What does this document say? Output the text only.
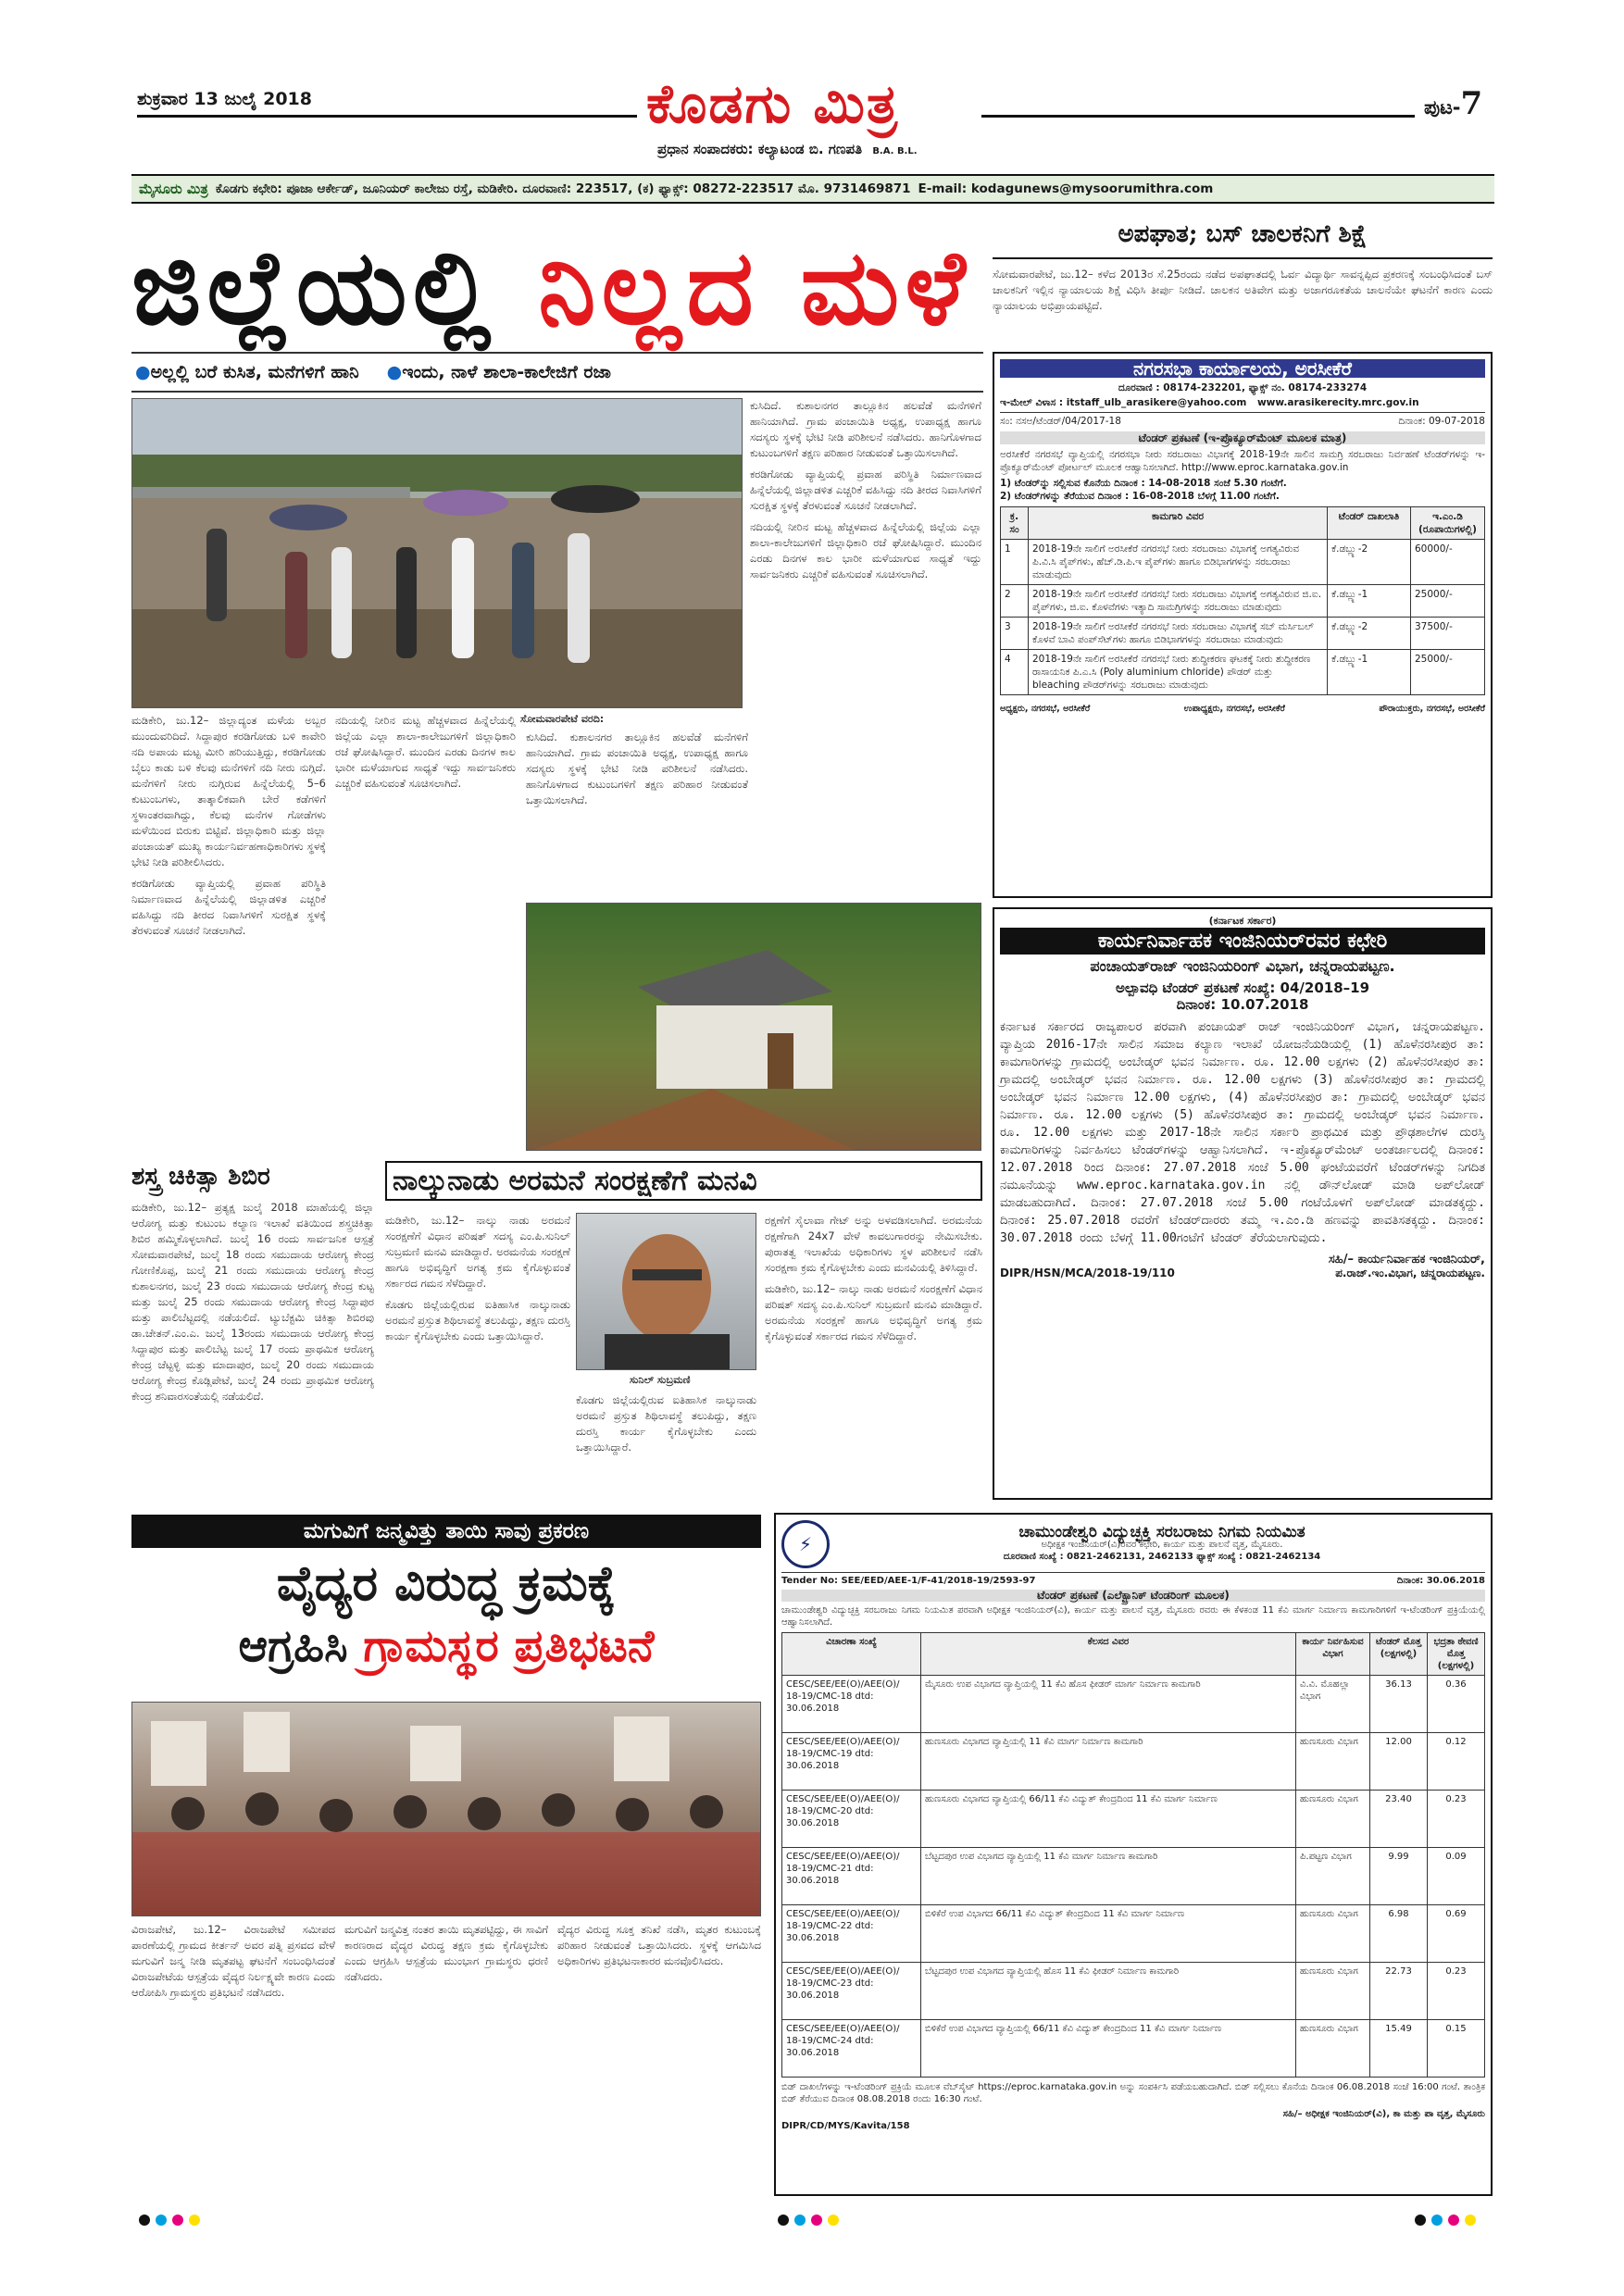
ಶುಕ್ರವಾರ 13 ಜುಲೈ 2018	ಕೊಡಗು ಮಿತ್ರ	ಪುಟ-7
ಪ್ರಧಾನ ಸಂಪಾದಕರು: ಕಲ್ಯಾಟಂಡ ಬಿ. ಗಣಪತಿ B.A. B.L.
ಮೈಸೂರು ಮಿತ್ರ ಕೊಡಗು ಕಛೇರಿ: ಪೂಜಾ ಆರ್ಕೇಡ್, ಜೂನಿಯರ್ ಕಾಲೇಜು ರಸ್ತೆ, ಮಡಿಕೇರಿ. ದೂರವಾಣಿ: 223517, (ಕ) ಫ್ಯಾಕ್ಸ್: 08272-223517 ಮೊ. 9731469871 E-mail: kodagunews@mysoorumithra.com
ಜಿಲ್ಲೆಯಲ್ಲಿ ನಿಲ್ಲದ ಮಳೆ
●ಅಲ್ಲಲ್ಲಿ ಬರೆ ಕುಸಿತ, ಮನೆಗಳಿಗೆ ಹಾನಿ ●ಇಂದು, ನಾಳೆ ಶಾಲಾ-ಕಾಲೇಜಿಗೆ ರಜಾ
ಸೋಮವಾರಪೇಟೆ ವರದಿ:

ಮಡಿಕೇರಿ, ಜು.12– ಜಿಲ್ಲಾದ್ಯಂತ ಮಳೆಯ ಅಬ್ಬರ ಮುಂದುವರಿದಿದೆ. ಸಿದ್ದಾಪುರ ಕರಡಿಗೋಡು ಬಳಿ ಕಾವೇರಿ ನದಿ ಅಪಾಯ ಮಟ್ಟ ಮೀರಿ ಹರಿಯುತ್ತಿದ್ದು, ಕರಡಿಗೋಡು ಬೈಲು ಕಾಡು ಬಳಿ ಕೆಲವು ಮನೆಗಳಿಗೆ ನದಿ ನೀರು ನುಗ್ಗಿದೆ. ಮನೆಗಳಿಗೆ ನೀರು ನುಗ್ಗಿರುವ ಹಿನ್ನೆಲೆಯಲ್ಲಿ 5–6 ಕುಟುಂಬಗಳು, ತಾತ್ಕಾಲಿಕವಾಗಿ ಬೇರೆ ಕಡೆಗಳಿಗೆ ಸ್ಥಳಾಂತರವಾಗಿದ್ದು, ಕೆಲವು ಮನೆಗಳ ಗೋಡೆಗಳು ಮಳೆಯಿಂದ ಬಿರುಕು ಬಿಟ್ಟಿವೆ. ಜಿಲ್ಲಾಧಿಕಾರಿ ಮತ್ತು ಜಿಲ್ಲಾ ಪಂಚಾಯತ್ ಮುಖ್ಯ ಕಾರ್ಯನಿರ್ವಹಣಾಧಿಕಾರಿಗಳು ಸ್ಥಳಕ್ಕೆ ಭೇಟಿ ನೀಡಿ ಪರಿಶೀಲಿಸಿದರು.

ಕರಡಿಗೋಡು ವ್ಯಾಪ್ತಿಯಲ್ಲಿ ಪ್ರವಾಹ ಪರಿಸ್ಥಿತಿ ನಿರ್ಮಾಣವಾದ ಹಿನ್ನೆಲೆಯಲ್ಲಿ ಜಿಲ್ಲಾಡಳಿತ ಎಚ್ಚರಿಕೆ ವಹಿಸಿದ್ದು ನದಿ ತೀರದ ನಿವಾಸಿಗಳಿಗೆ ಸುರಕ್ಷಿತ ಸ್ಥಳಕ್ಕೆ ತೆರಳುವಂತೆ ಸೂಚನೆ ನೀಡಲಾಗಿದೆ.

ನದಿಯಲ್ಲಿ ನೀರಿನ ಮಟ್ಟ ಹೆಚ್ಚಳವಾದ ಹಿನ್ನೆಲೆಯಲ್ಲಿ ಜಿಲ್ಲೆಯ ಎಲ್ಲಾ ಶಾಲಾ-ಕಾಲೇಜುಗಳಿಗೆ ಜಿಲ್ಲಾಧಿಕಾರಿ ರಜೆ ಘೋಷಿಸಿದ್ದಾರೆ. ಮುಂದಿನ ಎರಡು ದಿನಗಳ ಕಾಲ ಭಾರೀ ಮಳೆಯಾಗುವ ಸಾಧ್ಯತೆ ಇದ್ದು ಸಾರ್ವಜನಿಕರು ಎಚ್ಚರಿಕೆ ವಹಿಸುವಂತೆ ಸೂಚಿಸಲಾಗಿದೆ.

ಕುಸಿದಿದೆ. ಕುಶಾಲನಗರ ತಾಲ್ಲೂಕಿನ ಹಲವೆಡೆ ಮನೆಗಳಿಗೆ ಹಾನಿಯಾಗಿದೆ. ಗ್ರಾಮ ಪಂಚಾಯಿತಿ ಅಧ್ಯಕ್ಷ, ಉಪಾಧ್ಯಕ್ಷ ಹಾಗೂ ಸದಸ್ಯರು ಸ್ಥಳಕ್ಕೆ ಭೇಟಿ ನೀಡಿ ಪರಿಶೀಲನೆ ನಡೆಸಿದರು. ಹಾನಿಗೊಳಗಾದ ಕುಟುಂಬಗಳಿಗೆ ತಕ್ಷಣ ಪರಿಹಾರ ನೀಡುವಂತೆ ಒತ್ತಾಯಿಸಲಾಗಿದೆ.

ಕುಸಿದಿದೆ. ಕುಶಾಲನಗರ ತಾಲ್ಲೂಕಿನ ಹಲವೆಡೆ ಮನೆಗಳಿಗೆ ಹಾನಿಯಾಗಿದೆ. ಗ್ರಾಮ ಪಂಚಾಯಿತಿ ಅಧ್ಯಕ್ಷ, ಉಪಾಧ್ಯಕ್ಷ ಹಾಗೂ ಸದಸ್ಯರು ಸ್ಥಳಕ್ಕೆ ಭೇಟಿ ನೀಡಿ ಪರಿಶೀಲನೆ ನಡೆಸಿದರು. ಹಾನಿಗೊಳಗಾದ ಕುಟುಂಬಗಳಿಗೆ ತಕ್ಷಣ ಪರಿಹಾರ ನೀಡುವಂತೆ ಒತ್ತಾಯಿಸಲಾಗಿದೆ.

ಕರಡಿಗೋಡು ವ್ಯಾಪ್ತಿಯಲ್ಲಿ ಪ್ರವಾಹ ಪರಿಸ್ಥಿತಿ ನಿರ್ಮಾಣವಾದ ಹಿನ್ನೆಲೆಯಲ್ಲಿ ಜಿಲ್ಲಾಡಳಿತ ಎಚ್ಚರಿಕೆ ವಹಿಸಿದ್ದು ನದಿ ತೀರದ ನಿವಾಸಿಗಳಿಗೆ ಸುರಕ್ಷಿತ ಸ್ಥಳಕ್ಕೆ ತೆರಳುವಂತೆ ಸೂಚನೆ ನೀಡಲಾಗಿದೆ.

ನದಿಯಲ್ಲಿ ನೀರಿನ ಮಟ್ಟ ಹೆಚ್ಚಳವಾದ ಹಿನ್ನೆಲೆಯಲ್ಲಿ ಜಿಲ್ಲೆಯ ಎಲ್ಲಾ ಶಾಲಾ-ಕಾಲೇಜುಗಳಿಗೆ ಜಿಲ್ಲಾಧಿಕಾರಿ ರಜೆ ಘೋಷಿಸಿದ್ದಾರೆ. ಮುಂದಿನ ಎರಡು ದಿನಗಳ ಕಾಲ ಭಾರೀ ಮಳೆಯಾಗುವ ಸಾಧ್ಯತೆ ಇದ್ದು ಸಾರ್ವಜನಿಕರು ಎಚ್ಚರಿಕೆ ವಹಿಸುವಂತೆ ಸೂಚಿಸಲಾಗಿದೆ.

ಅಪಘಾತ; ಬಸ್ ಚಾಲಕನಿಗೆ ಶಿಕ್ಷೆ
ಸೋಮವಾರಪೇಟೆ, ಜು.12– ಕಳೆದ 2013ರ ಸೆ.25ರಂದು ನಡೆದ ಅಪಘಾತದಲ್ಲಿ ಓರ್ವ ವಿದ್ಯಾರ್ಥಿ ಸಾವನ್ನಪ್ಪಿದ ಪ್ರಕರಣಕ್ಕೆ ಸಂಬಂಧಿಸಿದಂತೆ ಬಸ್ ಚಾಲಕನಿಗೆ ಇಲ್ಲಿನ ನ್ಯಾಯಾಲಯ ಶಿಕ್ಷೆ ವಿಧಿಸಿ ತೀರ್ಪು ನೀಡಿದೆ. ಚಾಲಕನ ಅತಿವೇಗ ಮತ್ತು ಅಜಾಗರೂಕತೆಯ ಚಾಲನೆಯೇ ಘಟನೆಗೆ ಕಾರಣ ಎಂದು ನ್ಯಾಯಾಲಯ ಅಭಿಪ್ರಾಯಪಟ್ಟಿದೆ.
ನಗರಸಭಾ ಕಾರ್ಯಾಲಯ, ಅರಸೀಕೆರೆ
ದೂರವಾಣಿ : 08174-232201, ಫ್ಯಾಕ್ಸ್ ನಂ. 08174-233274
ಇ-ಮೇಲ್ ವಿಳಾಸ : itstaff_ulb_arasikere@yahoo.com www.arasikerecity.mrc.gov.in
ಸಂ: ನಸಅ/ಟೆಂಡರ್/04/2017-18	ದಿನಾಂಕ: 09-07-2018
ಟೆಂಡರ್ ಪ್ರಕಟಣೆ (ಇ-ಪ್ರೊಕ್ಯೂರ್‌ಮೆಂಟ್ ಮೂಲಕ ಮಾತ್ರ)
ಅರಸೀಕೆರೆ ನಗರಸಭೆ ವ್ಯಾಪ್ತಿಯಲ್ಲಿ ನಗರಸಭಾ ನೀರು ಸರಬರಾಜು ವಿಭಾಗಕ್ಕೆ 2018-19ನೇ ಸಾಲಿನ ಸಾಮಗ್ರಿ ಸರಬರಾಜು ನಿರ್ವಹಣೆ ಟೆಂಡರ್‌ಗಳನ್ನು ಇ-ಪ್ರೊಕ್ಯೂರ್‌ಮೆಂಟ್ ಪೋರ್ಟಲ್ ಮೂಲಕ ಆಹ್ವಾನಿಸಲಾಗಿದೆ. http://www.eproc.karnataka.gov.in
1) ಟೆಂಡರ್‌ನ್ನು ಸಲ್ಲಿಸುವ ಕೊನೆಯ ದಿನಾಂಕ : 14-08-2018 ಸಂಜೆ 5.30 ಗಂಟೆಗೆ.
2) ಟೆಂಡರ್‌ಗಳನ್ನು ತೆರೆಯುವ ದಿನಾಂಕ : 16-08-2018 ಬೆಳಗ್ಗೆ 11.00 ಗಂಟೆಗೆ.
ಕ್ರ. ಸಂ	ಕಾಮಗಾರಿ ವಿವರ	ಟೆಂಡರ್ ದಾಖಲಾತಿ	ಇ.ಎಂ.ಡಿ (ರೂಪಾಯಿಗಳಲ್ಲಿ)
1	2018-19ನೇ ಸಾಲಿಗೆ ಅರಸೀಕೆರೆ ನಗರಸಭೆ ನೀರು ಸರಬರಾಜು ವಿಭಾಗಕ್ಕೆ ಅಗತ್ಯವಿರುವ ಪಿ.ವಿ.ಸಿ ಪೈಪ್‌ಗಳು, ಹೆಚ್.ಡಿ.ಪಿ.ಇ ಪೈಪ್‌ಗಳು ಹಾಗೂ ಬಿಡಿಭಾಗಗಳನ್ನು ಸರಬರಾಜು ಮಾಡುವುದು	ಕೆ.ಡಬ್ಲ್ಯು-2	60000/-
2	2018-19ನೇ ಸಾಲಿಗೆ ಅರಸೀಕೆರೆ ನಗರಸಭೆ ನೀರು ಸರಬರಾಜು ವಿಭಾಗಕ್ಕೆ ಅಗತ್ಯವಿರುವ ಜಿ.ಐ. ಪೈಪ್‌ಗಳು, ಜಿ.ಐ. ಕೊಳವೆಗಳು ಇತ್ಯಾದಿ ಸಾಮಗ್ರಿಗಳನ್ನು ಸರಬರಾಜು ಮಾಡುವುದು	ಕೆ.ಡಬ್ಲ್ಯು-1	25000/-
3	2018-19ನೇ ಸಾಲಿಗೆ ಅರಸೀಕೆರೆ ನಗರಸಭೆ ನೀರು ಸರಬರಾಜು ವಿಭಾಗಕ್ಕೆ ಸಬ್ ಮರ್ಸಿಬಲ್ ಕೊಳವೆ ಬಾವಿ ಪಂಪ್‌ಸೆಟ್‌ಗಳು ಹಾಗೂ ಬಿಡಿಭಾಗಗಳನ್ನು ಸರಬರಾಜು ಮಾಡುವುದು	ಕೆ.ಡಬ್ಲ್ಯು-2	37500/-
4	2018-19ನೇ ಸಾಲಿಗೆ ಅರಸೀಕೆರೆ ನಗರಸಭೆ ನೀರು ಶುದ್ಧೀಕರಣ ಘಟಕಕ್ಕೆ ನೀರು ಶುದ್ಧೀಕರಣ ರಾಸಾಯನಿಕ ಪಿ.ಎ.ಸಿ (Poly aluminium chloride) ಪೌಡರ್ ಮತ್ತು bleaching ಪೌಡರ್‌ಗಳನ್ನು ಸರಬರಾಜು ಮಾಡುವುದು	ಕೆ.ಡಬ್ಲ್ಯು-1	25000/-
ಅಧ್ಯಕ್ಷರು, ನಗರಸಭೆ, ಅರಸೀಕೆರೆ	ಉಪಾಧ್ಯಕ್ಷರು, ನಗರಸಭೆ, ಅರಸೀಕೆರೆ	ಪೌರಾಯುಕ್ತರು, ನಗರಸಭೆ, ಅರಸೀಕೆರೆ
(ಕರ್ನಾಟಕ ಸರ್ಕಾರ)
ಕಾರ್ಯನಿರ್ವಾಹಕ ಇಂಜಿನಿಯರ್‌ರವರ ಕಛೇರಿ
ಪಂಚಾಯತ್‌ರಾಜ್ ಇಂಜಿನಿಯರಿಂಗ್ ವಿಭಾಗ, ಚನ್ನರಾಯಪಟ್ಟಣ.
ಅಲ್ಪಾವಧಿ ಟೆಂಡರ್ ಪ್ರಕಟಣೆ ಸಂಖ್ಯೆ: 04/2018–19
ದಿನಾಂಕ: 10.07.2018
ಕರ್ನಾಟಕ ಸರ್ಕಾರದ ರಾಜ್ಯಪಾಲರ ಪರವಾಗಿ ಪಂಚಾಯತ್ ರಾಜ್ ಇಂಜಿನಿಯರಿಂಗ್ ವಿಭಾಗ, ಚನ್ನರಾಯಪಟ್ಟಣ. ವ್ಯಾಪ್ತಿಯ 2016-17ನೇ ಸಾಲಿನ ಸಮಾಜ ಕಲ್ಯಾಣ ಇಲಾಖೆ ಯೋಜನೆಯಡಿಯಲ್ಲಿ (1) ಹೊಳೆನರಸೀಪುರ ತಾ: ಕಾಮಗಾರಿಗಳನ್ನು ಗ್ರಾಮದಲ್ಲಿ ಅಂಬೇಡ್ಕರ್ ಭವನ ನಿರ್ಮಾಣ. ರೂ. 12.00 ಲಕ್ಷಗಳು (2) ಹೊಳೆನರಸೀಪುರ ತಾ: ಗ್ರಾಮದಲ್ಲಿ ಅಂಬೇಡ್ಕರ್ ಭವನ ನಿರ್ಮಾಣ. ರೂ. 12.00 ಲಕ್ಷಗಳು (3) ಹೊಳೆನರಸೀಪುರ ತಾ: ಗ್ರಾಮದಲ್ಲಿ ಅಂಬೇಡ್ಕರ್ ಭವನ ನಿರ್ಮಾಣ 12.00 ಲಕ್ಷಗಳು, (4) ಹೊಳೆನರಸೀಪುರ ತಾ: ಗ್ರಾಮದಲ್ಲಿ ಅಂಬೇಡ್ಕರ್ ಭವನ ನಿರ್ಮಾಣ. ರೂ. 12.00 ಲಕ್ಷಗಳು (5) ಹೊಳೆನರಸೀಪುರ ತಾ: ಗ್ರಾಮದಲ್ಲಿ ಅಂಬೇಡ್ಕರ್ ಭವನ ನಿರ್ಮಾಣ. ರೂ. 12.00 ಲಕ್ಷಗಳು ಮತ್ತು 2017-18ನೇ ಸಾಲಿನ ಸರ್ಕಾರಿ ಪ್ರಾಥಮಿಕ ಮತ್ತು ಪ್ರೌಢಶಾಲೆಗಳ ದುರಸ್ತಿ ಕಾಮಗಾರಿಗಳನ್ನು ನಿರ್ವಹಿಸಲು ಟೆಂಡರ್‌ಗಳನ್ನು ಆಹ್ವಾನಿಸಲಾಗಿದೆ. ಇ-ಪ್ರೊಕ್ಯೂರ್‌ಮೆಂಟ್ ಅಂತರ್ಜಾಲದಲ್ಲಿ ದಿನಾಂಕ: 12.07.2018 ರಿಂದ ದಿನಾಂಕ: 27.07.2018 ಸಂಜೆ 5.00 ಘಂಟೆಯವರೆಗೆ ಟೆಂಡರ್‌ಗಳನ್ನು ನಿಗದಿತ ನಮೂನೆಯನ್ನು www.eproc.karnataka.gov.in ನಲ್ಲಿ ಡೌನ್‌ಲೋಡ್ ಮಾಡಿ ಅಪ್‌ಲೋಡ್ ಮಾಡಬಹುದಾಗಿದೆ. ದಿನಾಂಕ: 27.07.2018 ಸಂಜೆ 5.00 ಗಂಟೆಯೊಳಗೆ ಅಪ್‌ಲೋಡ್ ಮಾಡತಕ್ಕದ್ದು. ದಿನಾಂಕ: 25.07.2018 ರವರೆಗೆ ಟೆಂಡರ್‌ದಾರರು ತಮ್ಮ ಇ.ಎಂ.ಡಿ ಹಣವನ್ನು ಪಾವತಿಸತಕ್ಕದ್ದು. ದಿನಾಂಕ: 30.07.2018 ರಂದು ಬೆಳಗ್ಗೆ 11.00ಗಂಟೆಗೆ ಟೆಂಡರ್ ತೆರೆಯಲಾಗುವುದು.
ಸಹಿ/– ಕಾರ್ಯನಿರ್ವಾಹಕ ಇಂಜಿನಿಯರ್,
DIPR/HSN/MCA/2018-19/110	ಪ.ರಾಜ್.ಇಂ.ವಿಭಾಗ, ಚನ್ನರಾಯಪಟ್ಟಣ.
ಶಸ್ತ್ರ ಚಿಕಿತ್ಸಾ ಶಿಬಿರ
ಮಡಿಕೇರಿ, ಜು.12– ಪ್ರತ್ಯಕ್ಷ ಜುಲೈ 2018 ಮಾಹೆಯಲ್ಲಿ ಜಿಲ್ಲಾ ಆರೋಗ್ಯ ಮತ್ತು ಕುಟುಂಬ ಕಲ್ಯಾಣ ಇಲಾಖೆ ವತಿಯಿಂದ ಶಸ್ತ್ರಚಿಕಿತ್ಸಾ ಶಿಬಿರ ಹಮ್ಮಿಕೊಳ್ಳಲಾಗಿದೆ. ಜುಲೈ 16 ರಂದು ಸಾರ್ವಜನಿಕ ಆಸ್ಪತ್ರೆ ಸೋಮವಾರಪೇಟೆ, ಜುಲೈ 18 ರಂದು ಸಮುದಾಯ ಆರೋಗ್ಯ ಕೇಂದ್ರ ಗೋಣಿಕೊಪ್ಪ, ಜುಲೈ 21 ರಂದು ಸಮುದಾಯ ಆರೋಗ್ಯ ಕೇಂದ್ರ ಕುಶಾಲನಗರ, ಜುಲೈ 23 ರಂದು ಸಮುದಾಯ ಆರೋಗ್ಯ ಕೇಂದ್ರ ಕುಟ್ಟ ಮತ್ತು ಜುಲೈ 25 ರಂದು ಸಮುದಾಯ ಆರೋಗ್ಯ ಕೇಂದ್ರ ಸಿದ್ದಾಪುರ ಮತ್ತು ಪಾಲಿಬೆಟ್ಟದಲ್ಲಿ ನಡೆಯಲಿದೆ. ಟ್ಯುಬೆಕ್ಟಮಿ ಚಿಕಿತ್ಸಾ ಶಿಬಿರವು ಡಾ.ಚೇತನ್.ಎಂ.ಎ. ಜುಲೈ 13ರಂದು ಸಮುದಾಯ ಆರೋಗ್ಯ ಕೇಂದ್ರ ಸಿದ್ದಾಪುರ ಮತ್ತು ಪಾಲಿಬೆಟ್ಟ ಜುಲೈ 17 ರಂದು ಪ್ರಾಥಮಿಕ ಆರೋಗ್ಯ ಕೇಂದ್ರ ಚೆಟ್ಟಳ್ಳಿ ಮತ್ತು ಮಾದಾಪುರ, ಜುಲೈ 20 ರಂದು ಸಮುದಾಯ ಆರೋಗ್ಯ ಕೇಂದ್ರ ಕೊಡ್ಲಿಪೇಟೆ, ಜುಲೈ 24 ರಂದು ಪ್ರಾಥಮಿಕ ಆರೋಗ್ಯ ಕೇಂದ್ರ ಶನಿವಾರಸಂತೆಯಲ್ಲಿ ನಡೆಯಲಿದೆ.
ನಾಲ್ಕುನಾಡು ಅರಮನೆ ಸಂರಕ್ಷಣೆಗೆ ಮನವಿ

ಮಡಿಕೇರಿ, ಜು.12– ನಾಲ್ಕು ನಾಡು ಅರಮನೆ ಸಂರಕ್ಷಣೆಗೆ ವಿಧಾನ ಪರಿಷತ್ ಸದಸ್ಯ ಎಂ.ಪಿ.ಸುನಿಲ್ ಸುಬ್ರಮಣಿ ಮನವಿ ಮಾಡಿದ್ದಾರೆ. ಅರಮನೆಯ ಸಂರಕ್ಷಣೆ ಹಾಗೂ ಅಭಿವೃದ್ಧಿಗೆ ಅಗತ್ಯ ಕ್ರಮ ಕೈಗೊಳ್ಳುವಂತೆ ಸರ್ಕಾರದ ಗಮನ ಸೆಳೆದಿದ್ದಾರೆ.

ಕೊಡಗು ಜಿಲ್ಲೆಯಲ್ಲಿರುವ ಐತಿಹಾಸಿಕ ನಾಲ್ಕುನಾಡು ಅರಮನೆ ಪ್ರಸ್ತುತ ಶಿಥಿಲಾವಸ್ಥೆ ತಲುಪಿದ್ದು, ತಕ್ಷಣ ದುರಸ್ತಿ ಕಾರ್ಯ ಕೈಗೊಳ್ಳಬೇಕು ಎಂದು ಒತ್ತಾಯಿಸಿದ್ದಾರೆ.

ಸುನಿಲ್ ಸುಬ್ರಮಣಿ

ಕೊಡಗು ಜಿಲ್ಲೆಯಲ್ಲಿರುವ ಐತಿಹಾಸಿಕ ನಾಲ್ಕುನಾಡು ಅರಮನೆ ಪ್ರಸ್ತುತ ಶಿಥಿಲಾವಸ್ಥೆ ತಲುಪಿದ್ದು, ತಕ್ಷಣ ದುರಸ್ತಿ ಕಾರ್ಯ ಕೈಗೊಳ್ಳಬೇಕು ಎಂದು ಒತ್ತಾಯಿಸಿದ್ದಾರೆ.

ರಕ್ಷಣೆಗೆ ಸೈಲಾವಾ ಗೇಟ್ ಅನ್ನು ಅಳವಡಿಸಲಾಗಿದೆ. ಅರಮನೆಯ ರಕ್ಷಣೆಗಾಗಿ 24x7 ವೇಳೆ ಕಾವಲುಗಾರರನ್ನು ನೇಮಿಸಬೇಕು. ಪುರಾತತ್ವ ಇಲಾಖೆಯ ಅಧಿಕಾರಿಗಳು ಸ್ಥಳ ಪರಿಶೀಲನೆ ನಡೆಸಿ ಸಂರಕ್ಷಣಾ ಕ್ರಮ ಕೈಗೊಳ್ಳಬೇಕು ಎಂದು ಮನವಿಯಲ್ಲಿ ತಿಳಿಸಿದ್ದಾರೆ.

ಮಡಿಕೇರಿ, ಜು.12– ನಾಲ್ಕು ನಾಡು ಅರಮನೆ ಸಂರಕ್ಷಣೆಗೆ ವಿಧಾನ ಪರಿಷತ್ ಸದಸ್ಯ ಎಂ.ಪಿ.ಸುನಿಲ್ ಸುಬ್ರಮಣಿ ಮನವಿ ಮಾಡಿದ್ದಾರೆ. ಅರಮನೆಯ ಸಂರಕ್ಷಣೆ ಹಾಗೂ ಅಭಿವೃದ್ಧಿಗೆ ಅಗತ್ಯ ಕ್ರಮ ಕೈಗೊಳ್ಳುವಂತೆ ಸರ್ಕಾರದ ಗಮನ ಸೆಳೆದಿದ್ದಾರೆ.

ಮಗುವಿಗೆ ಜನ್ಮವಿತ್ತು ತಾಯಿ ಸಾವು ಪ್ರಕರಣ
ವೈದ್ಯರ ವಿರುದ್ಧ ಕ್ರಮಕ್ಕೆ
ಆಗ್ರಹಿಸಿ ಗ್ರಾಮಸ್ಥರ ಪ್ರತಿಭಟನೆ
ವಿರಾಜಪೇಟೆ, ಜು.12– ವಿರಾಜಪೇಟೆ ಸಮೀಪದ ಪಾರಣೆಯಲ್ಲಿ ಗ್ರಾಮದ ಕೀರ್ತನ್ ಅವರ ಪತ್ನಿ ಪ್ರಸವದ ವೇಳೆ ಮಗುವಿಗೆ ಜನ್ಮ ನೀಡಿ ಮೃತಪಟ್ಟ ಘಟನೆಗೆ ಸಂಬಂಧಿಸಿದಂತೆ ವಿರಾಜಪೇಟೆಯ ಆಸ್ಪತ್ರೆಯ ವೈದ್ಯರ ನಿರ್ಲಕ್ಷ್ಯವೇ ಕಾರಣ ಎಂದು ಆರೋಪಿಸಿ ಗ್ರಾಮಸ್ಥರು ಪ್ರತಿಭಟನೆ ನಡೆಸಿದರು.
ಮಗುವಿಗೆ ಜನ್ಮವಿತ್ತ ನಂತರ ತಾಯಿ ಮೃತಪಟ್ಟಿದ್ದು, ಈ ಸಾವಿಗೆ ಕಾರಣರಾದ ವೈದ್ಯರ ವಿರುದ್ಧ ತಕ್ಷಣ ಕ್ರಮ ಕೈಗೊಳ್ಳಬೇಕು ಎಂದು ಆಗ್ರಹಿಸಿ ಆಸ್ಪತ್ರೆಯ ಮುಂಭಾಗ ಗ್ರಾಮಸ್ಥರು ಧರಣಿ ನಡೆಸಿದರು.
ವೈದ್ಯರ ವಿರುದ್ಧ ಸೂಕ್ತ ತನಿಖೆ ನಡೆಸಿ, ಮೃತರ ಕುಟುಂಬಕ್ಕೆ ಪರಿಹಾರ ನೀಡುವಂತೆ ಒತ್ತಾಯಿಸಿದರು. ಸ್ಥಳಕ್ಕೆ ಆಗಮಿಸಿದ ಅಧಿಕಾರಿಗಳು ಪ್ರತಿಭಟನಾಕಾರರ ಮನವೊಲಿಸಿದರು.
⚡
ಚಾಮುಂಡೇಶ್ವರಿ ವಿದ್ಯುಚ್ಛಕ್ತಿ ಸರಬರಾಜು ನಿಗಮ ನಿಯಮಿತ
ಅಧೀಕ್ಷಕ ಇಂಜಿನಿಯರ್(ವಿ)ರವರ ಕಛೇರಿ, ಕಾರ್ಯ ಮತ್ತು ಪಾಲನೆ ವೃತ್ತ, ಮೈಸೂರು.
ದೂರವಾಣಿ ಸಂಖ್ಯೆ : 0821-2462131, 2462133 ಫ್ಯಾಕ್ಸ್ ಸಂಖ್ಯೆ : 0821-2462134
Tender No: SEE/EED/AEE-1/F-41/2018-19/2593-97	ದಿನಾಂಕ: 30.06.2018
ಟೆಂಡರ್ ಪ್ರಕಟಣೆ (ಎಲೆಕ್ಟ್ರಾನಿಕ್ ಟೆಂಡರಿಂಗ್ ಮೂಲಕ)
ಚಾಮುಂಡೇಶ್ವರಿ ವಿದ್ಯುಚ್ಛಕ್ತಿ ಸರಬರಾಜು ನಿಗಮ ನಿಯಮಿತ ಪರವಾಗಿ ಅಧೀಕ್ಷಕ ಇಂಜಿನಿಯರ್(ವಿ), ಕಾರ್ಯ ಮತ್ತು ಪಾಲನೆ ವೃತ್ತ, ಮೈಸೂರು ರವರು ಈ ಕೆಳಕಂಡ 11 ಕೆವಿ ಮಾರ್ಗ ನಿರ್ಮಾಣ ಕಾಮಗಾರಿಗಳಿಗೆ ಇ-ಟೆಂಡರಿಂಗ್ ಪ್ರಕ್ರಿಯೆಯಲ್ಲಿ ಆಹ್ವಾನಿಸಲಾಗಿದೆ.
ವಿಚಾರಣಾ ಸಂಖ್ಯೆ	ಕೆಲಸದ ವಿವರ	ಕಾರ್ಯ ನಿರ್ವಹಿಸುವ ವಿಭಾಗ	ಟೆಂಡರ್ ಮೊತ್ತ (ಲಕ್ಷಗಳಲ್ಲಿ)	ಭದ್ರತಾ ಠೇವಣಿ ಮೊತ್ತ (ಲಕ್ಷಗಳಲ್ಲಿ)
CESC/SEE/EE(O)/AEE(O)/ 18-19/CMC-18 dtd: 30.06.2018	ಮೈಸೂರು ಉಪ ವಿಭಾಗದ ವ್ಯಾಪ್ತಿಯಲ್ಲಿ 11 ಕೆವಿ ಹೊಸ ಫೀಡರ್ ಮಾರ್ಗ ನಿರ್ಮಾಣ ಕಾಮಗಾರಿ	ವಿ.ವಿ. ಮೊಹಲ್ಲಾ ವಿಭಾಗ	36.13	0.36
CESC/SEE/EE(O)/AEE(O)/ 18-19/CMC-19 dtd: 30.06.2018	ಹುಣಸೂರು ವಿಭಾಗದ ವ್ಯಾಪ್ತಿಯಲ್ಲಿ 11 ಕೆವಿ ಮಾರ್ಗ ನಿರ್ಮಾಣ ಕಾಮಗಾರಿ	ಹುಣಸೂರು ವಿಭಾಗ	12.00	0.12
CESC/SEE/EE(O)/AEE(O)/ 18-19/CMC-20 dtd: 30.06.2018	ಹುಣಸೂರು ವಿಭಾಗದ ವ್ಯಾಪ್ತಿಯಲ್ಲಿ 66/11 ಕೆವಿ ವಿದ್ಯುತ್ ಕೇಂದ್ರದಿಂದ 11 ಕೆವಿ ಮಾರ್ಗ ನಿರ್ಮಾಣ	ಹುಣಸೂರು ವಿಭಾಗ	23.40	0.23
CESC/SEE/EE(O)/AEE(O)/ 18-19/CMC-21 dtd: 30.06.2018	ಬೆಟ್ಟದಪುರ ಉಪ ವಿಭಾಗದ ವ್ಯಾಪ್ತಿಯಲ್ಲಿ 11 ಕೆವಿ ಮಾರ್ಗ ನಿರ್ಮಾಣ ಕಾಮಗಾರಿ	ಪಿ.ಪಟ್ಟಣ ವಿಭಾಗ	9.99	0.09
CESC/SEE/EE(O)/AEE(O)/ 18-19/CMC-22 dtd: 30.06.2018	ಬಿಳಿಕೆರೆ ಉಪ ವಿಭಾಗದ 66/11 ಕೆವಿ ವಿದ್ಯುತ್ ಕೇಂದ್ರದಿಂದ 11 ಕೆವಿ ಮಾರ್ಗ ನಿರ್ಮಾಣ	ಹುಣಸೂರು ವಿಭಾಗ	6.98	0.69
CESC/SEE/EE(O)/AEE(O)/ 18-19/CMC-23 dtd: 30.06.2018	ಬೆಟ್ಟದಪುರ ಉಪ ವಿಭಾಗದ ವ್ಯಾಪ್ತಿಯಲ್ಲಿ ಹೊಸ 11 ಕೆವಿ ಫೀಡರ್ ನಿರ್ಮಾಣ ಕಾಮಗಾರಿ	ಹುಣಸೂರು ವಿಭಾಗ	22.73	0.23
CESC/SEE/EE(O)/AEE(O)/ 18-19/CMC-24 dtd: 30.06.2018	ಬಿಳಿಕೆರೆ ಉಪ ವಿಭಾಗದ ವ್ಯಾಪ್ತಿಯಲ್ಲಿ 66/11 ಕೆವಿ ವಿದ್ಯುತ್ ಕೇಂದ್ರದಿಂದ 11 ಕೆವಿ ಮಾರ್ಗ ನಿರ್ಮಾಣ	ಹುಣಸೂರು ವಿಭಾಗ	15.49	0.15
ಬಿಡ್ ದಾಖಲೆಗಳನ್ನು ಇ-ಟೆಂಡರಿಂಗ್ ಪ್ರಕ್ರಿಯೆ ಮೂಲಕ ವೆಬ್‌ಸೈಟ್ https://eproc.karnataka.gov.in ಅನ್ನು ಸಂಪರ್ಕಿಸಿ ಪಡೆಯಬಹುದಾಗಿದೆ. ಬಿಡ್ ಸಲ್ಲಿಸಲು ಕೊನೆಯ ದಿನಾಂಕ 06.08.2018 ಸಂಜೆ 16:00 ಗಂಟೆ. ತಾಂತ್ರಿಕ ಬಿಡ್ ತೆರೆಯುವ ದಿನಾಂಕ 08.08.2018 ರಂದು 16:30 ಗಂಟೆ.
ಸಹಿ/– ಅಧೀಕ್ಷಕ ಇಂಜಿನಿಯರ್(ವಿ), ಕಾ ಮತ್ತು ಪಾ ವೃತ್ತ, ಮೈಸೂರು
DIPR/CD/MYS/Kavita/158
